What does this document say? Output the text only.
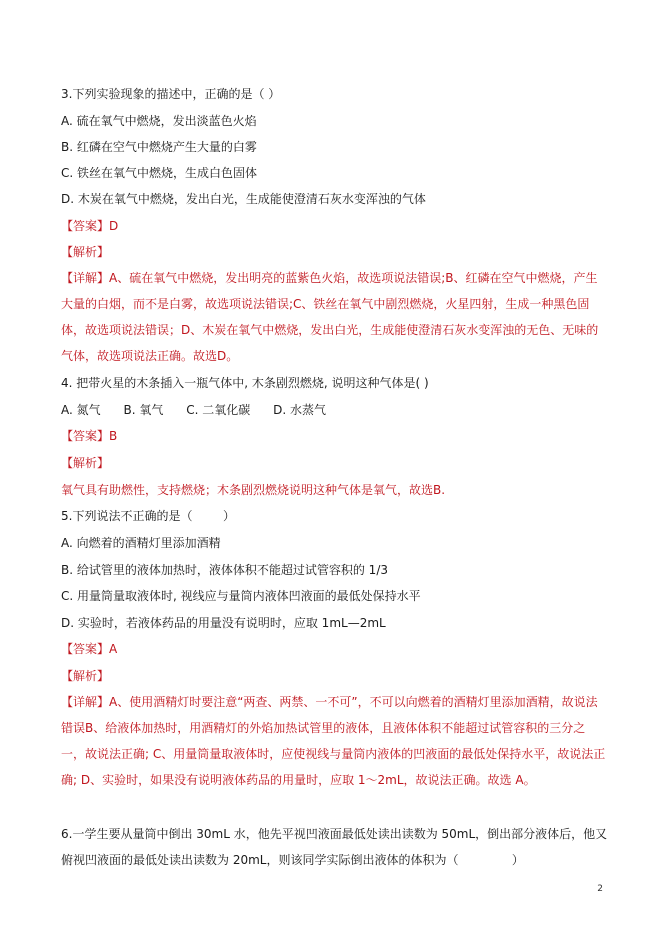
3.下列实验现象的描述中，正确的是（ ）
A. 硫在氧气中燃烧，发出淡蓝色火焰
B. 红磷在空气中燃烧产生大量的白雾
C. 铁丝在氧气中燃烧，生成白色固体
D. 木炭在氧气中燃烧，发出白光，生成能使澄清石灰水变浑浊的气体
【答案】D
【解析】
【详解】A、硫在氧气中燃烧，发出明亮的蓝紫色火焰，故选项说法错误;B、红磷在空气中燃烧，产生大量的白烟，而不是白雾，故选项说法错误;C、铁丝在氧气中剧烈燃烧，火星四射，生成一种黑色固体，故选项说法错误；D、木炭在氧气中燃烧，发出白光，生成能使澄清石灰水变浑浊的无色、无味的气体，故选项说法正确。故选D。
4. 把带火星的木条插入一瓶气体中, 木条剧烈燃烧, 说明这种气体是( )
A. 氮气      B. 氧气      C. 二氧化碳      D. 水蒸气
【答案】B
【解析】
氧气具有助燃性，支持燃烧；木条剧烈燃烧说明这种气体是氧气，故选B.
5.下列说法不正确的是（        ）
A. 向燃着的酒精灯里添加酒精
B. 给试管里的液体加热时，液体体积不能超过试管容积的 1/3
C. 用量筒量取液体时, 视线应与量筒内液体凹液面的最低处保持水平
D. 实验时，若液体药品的用量没有说明时，应取 1mL—2mL
【答案】A
【解析】
【详解】A、使用酒精灯时要注意“两查、两禁、一不可”，不可以向燃着的酒精灯里添加酒精，故说法错误B、给液体加热时，用酒精灯的外焰加热试管里的液体，且液体体积不能超过试管容积的三分之一，故说法正确; C、用量筒量取液体时，应使视线与量筒内液体的凹液面的最低处保持水平，故说法正确; D、实验时，如果没有说明液体药品的用量时，应取 1～2mL，故说法正确。故选 A。
6.一学生要从量筒中倒出 30mL 水，他先平视凹液面最低处读出读数为 50mL，倒出部分液体后，他又俯视凹液面的最低处读出读数为 20mL，则该同学实际倒出液体的体积为（              ）
2
